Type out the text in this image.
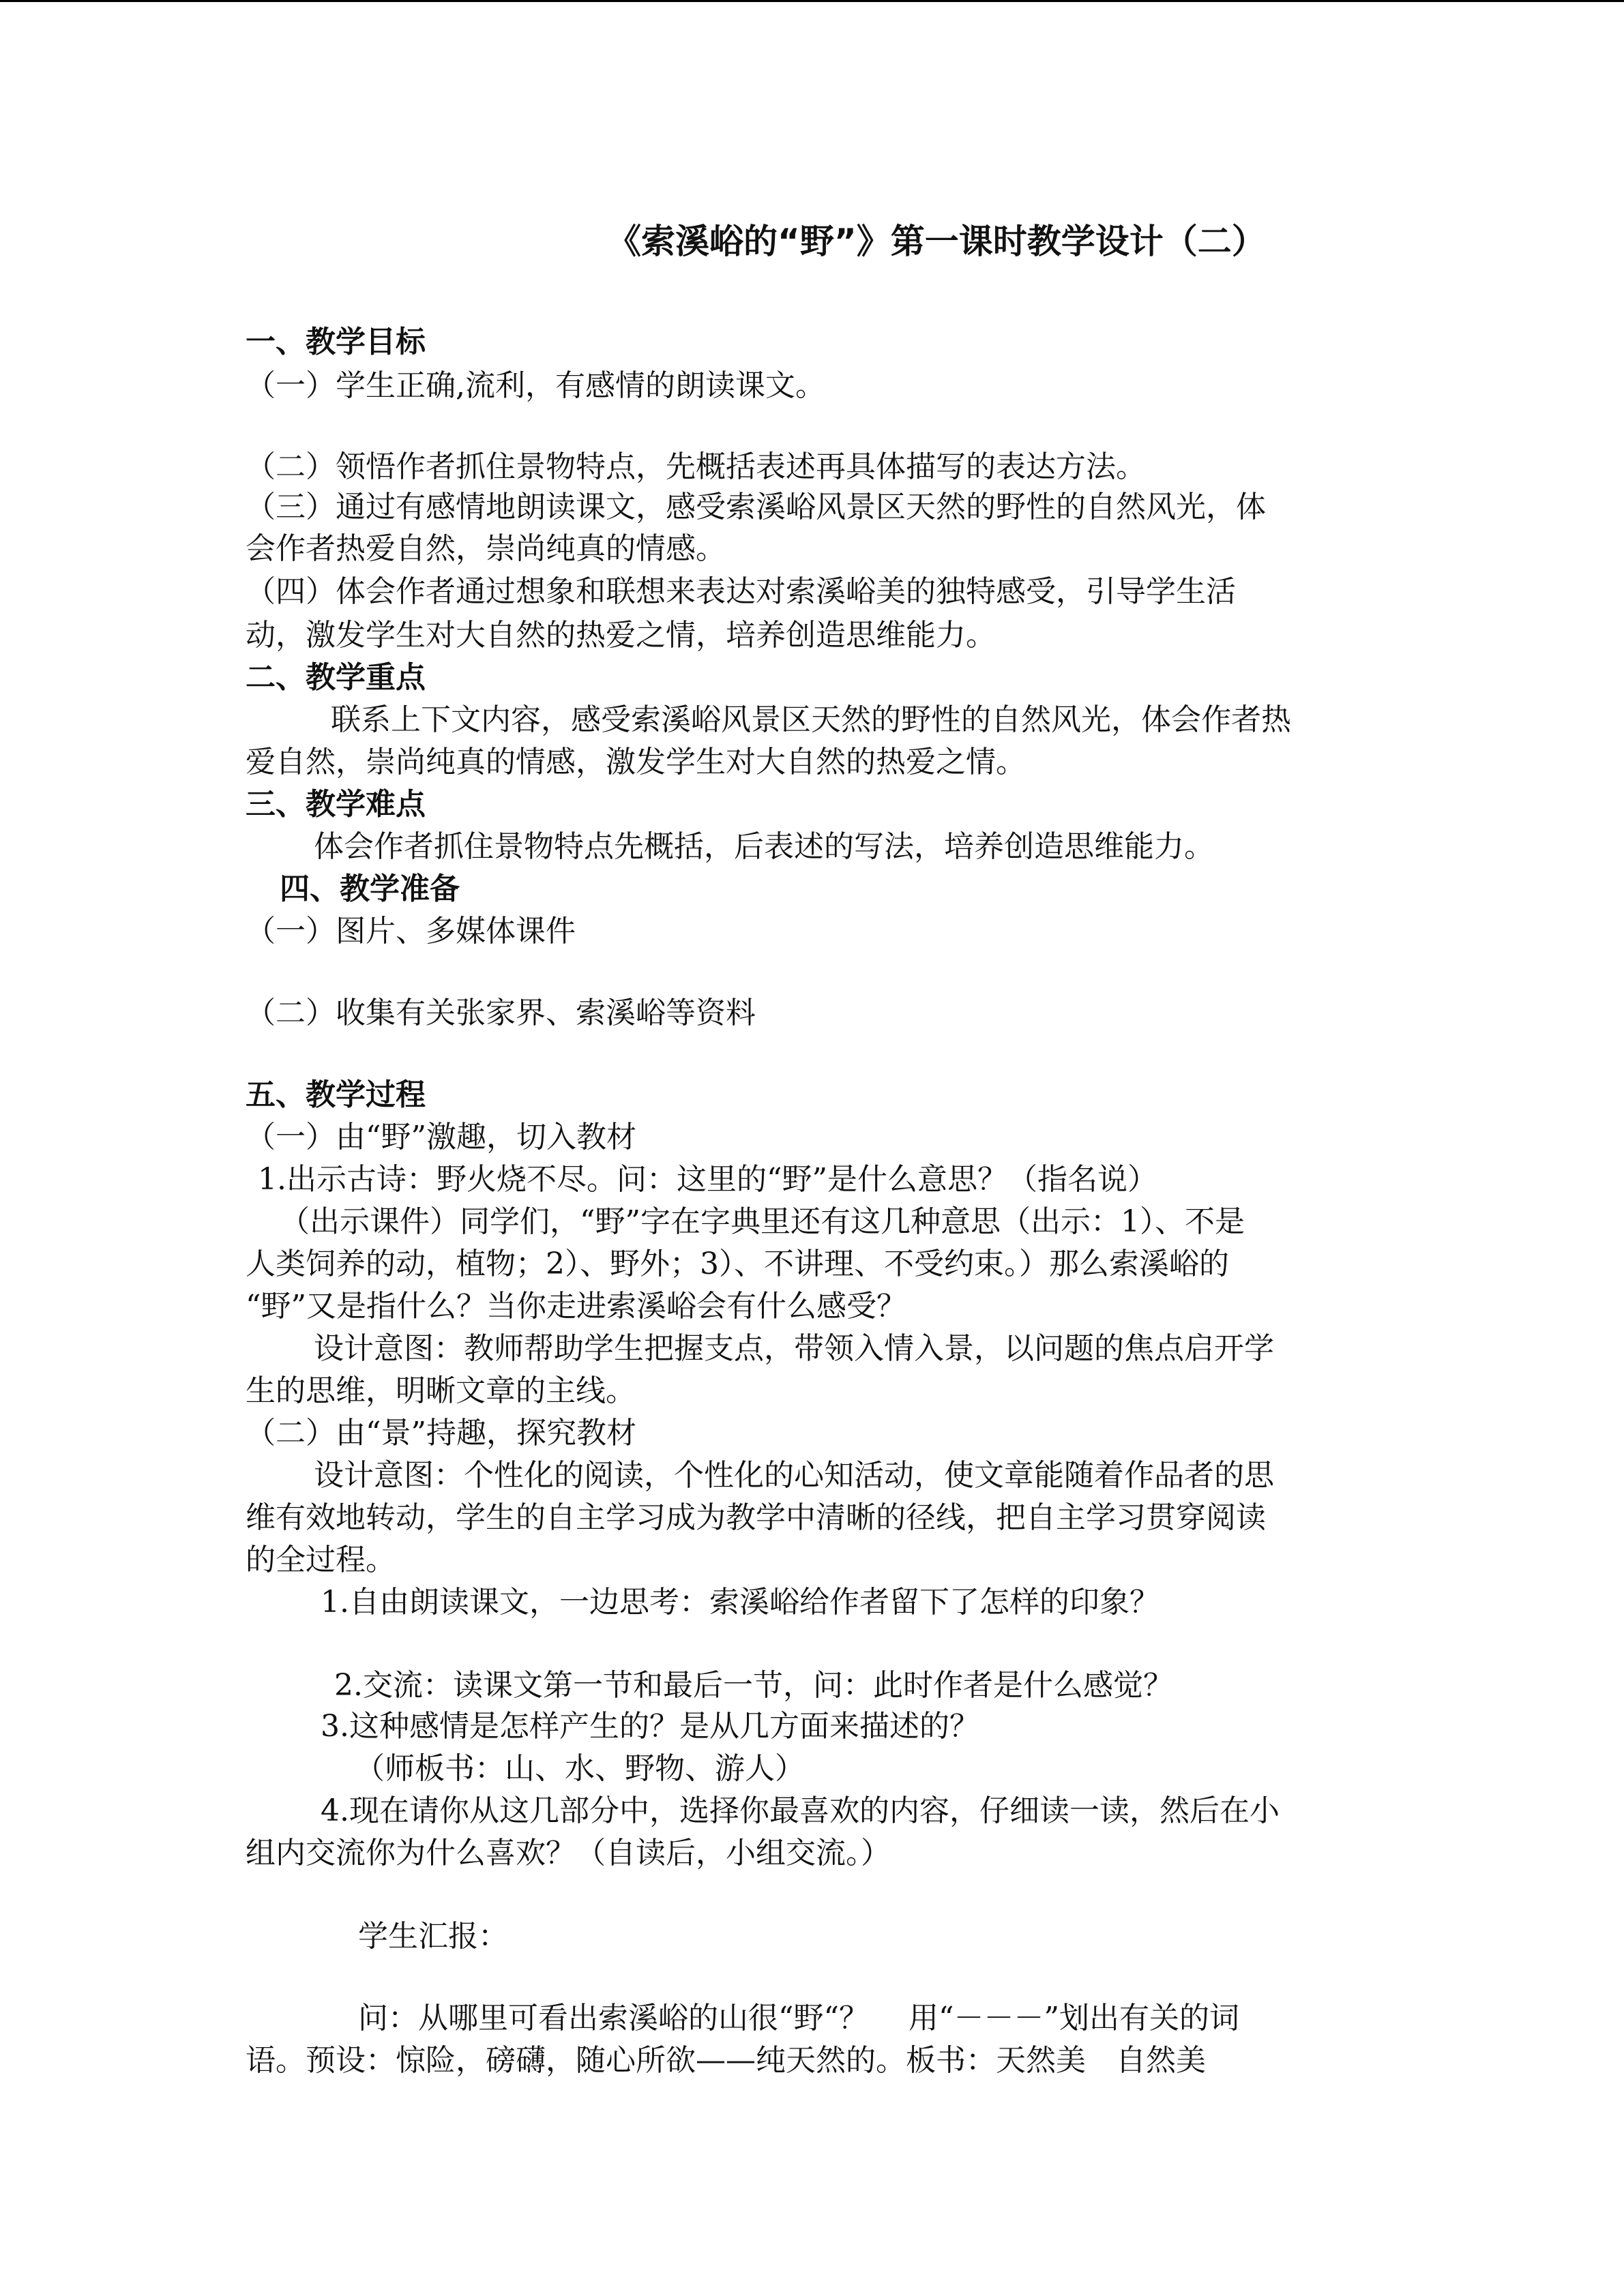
《索溪峪的“野”》第一课时教学设计（二）
一、教学目标
（一）学生正确,流利，有感情的朗读课文。
（二）领悟作者抓住景物特点，先概括表述再具体描写的表达方法。
（三）通过有感情地朗读课文，感受索溪峪风景区天然的野性的自然风光，体
会作者热爱自然，崇尚纯真的情感。
（四）体会作者通过想象和联想来表达对索溪峪美的独特感受，引导学生活
动，激发学生对大自然的热爱之情，培养创造思维能力。
二、教学重点
联系上下文内容，感受索溪峪风景区天然的野性的自然风光，体会作者热
爱自然，崇尚纯真的情感，激发学生对大自然的热爱之情。
三、教学难点
体会作者抓住景物特点先概括，后表述的写法，培养创造思维能力。
四、教学准备
（一）图片、多媒体课件
（二）收集有关张家界、索溪峪等资料
五、教学过程
（一）由“野”激趣，切入教材
1.出示古诗：野火烧不尽。问：这里的“野”是什么意思？（指名说）
（出示课件）同学们，“野”字在字典里还有这几种意思（出示：1）、不是
人类饲养的动，植物；2）、野外；3）、不讲理、不受约束。）那么索溪峪的
“野”又是指什么？当你走进索溪峪会有什么感受？
设计意图：教师帮助学生把握支点，带领入情入景，以问题的焦点启开学
生的思维，明晰文章的主线。
（二）由“景”持趣，探究教材
设计意图：个性化的阅读，个性化的心知活动，使文章能随着作品者的思
维有效地转动，学生的自主学习成为教学中清晰的径线，把自主学习贯穿阅读
的全过程。
1.自由朗读课文，一边思考：索溪峪给作者留下了怎样的印象？
2.交流：读课文第一节和最后一节，问：此时作者是什么感觉？
3.这种感情是怎样产生的？是从几方面来描述的？
（师板书：山、水、野物、游人）
4.现在请你从这几部分中，选择你最喜欢的内容，仔细读一读，然后在小
组内交流你为什么喜欢？（自读后，小组交流。）
学生汇报：
问：从哪里可看出索溪峪的山很“野“？　 用“－－－”划出有关的词
语。预设：惊险，磅礴，随心所欲——纯天然的。板书：天然美　自然美
